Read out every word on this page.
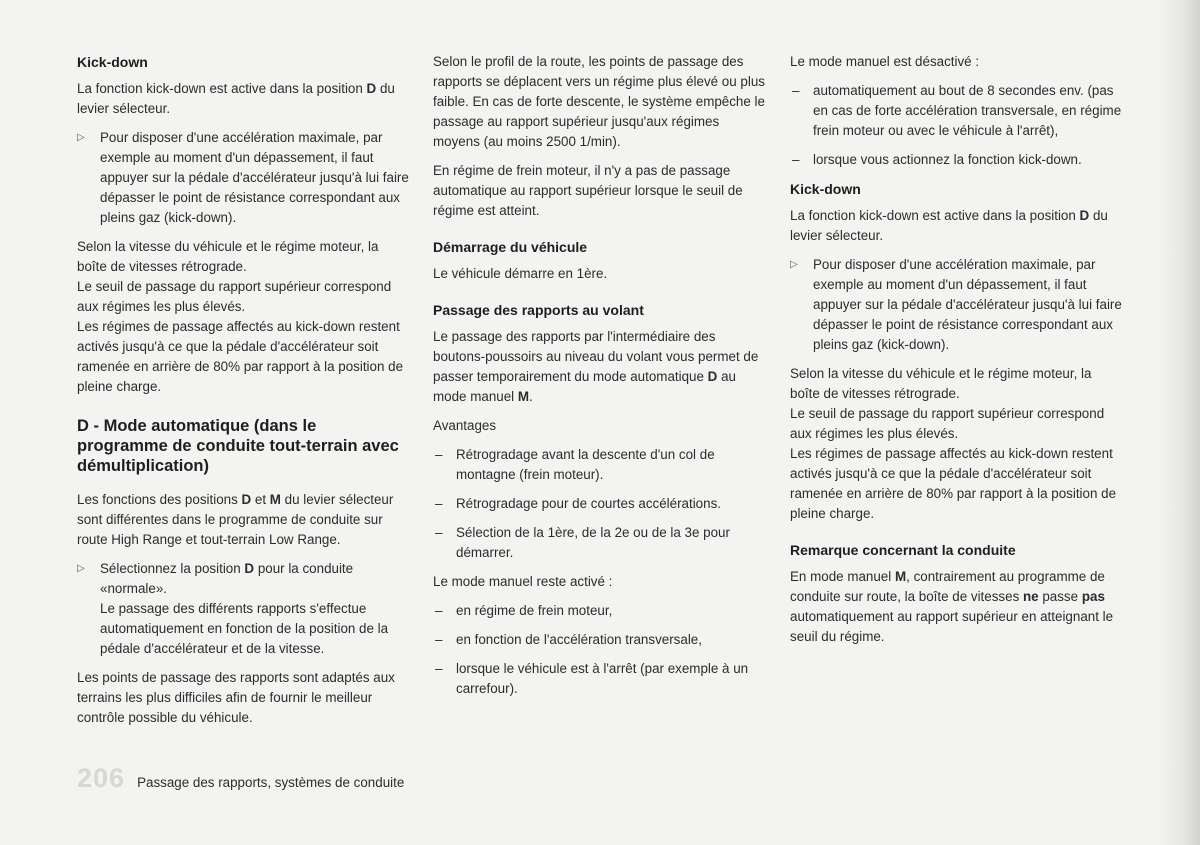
Kick-down

La fonction kick-down est active dans la position D du levier sélecteur.

▷ Pour disposer d'une accélération maximale, par exemple au moment d'un dépassement, il faut appuyer sur la pédale d'accélérateur jusqu'à lui faire dépasser le point de résistance correspondant aux pleins gaz (kick-down).

Selon la vitesse du véhicule et le régime moteur, la boîte de vitesses rétrograde.

Le seuil de passage du rapport supérieur correspond aux régimes les plus élevés.

Les régimes de passage affectés au kick-down restent activés jusqu'à ce que la pédale d'accélérateur soit ramenée en arrière de 80% par rapport à la position de pleine charge.

D - Mode automatique (dans le programme de conduite tout-terrain avec démultiplication)

Les fonctions des positions D et M du levier sélecteur sont différentes dans le programme de conduite sur route High Range et tout-terrain Low Range.

▷ Sélectionnez la position D pour la conduite «normale».
Le passage des différents rapports s'effectue automatiquement en fonction de la position de la pédale d'accélérateur et de la vitesse.

Les points de passage des rapports sont adaptés aux terrains les plus difficiles afin de fournir le meilleur contrôle possible du véhicule.

Selon le profil de la route, les points de passage des rapports se déplacent vers un régime plus élevé ou plus faible. En cas de forte descente, le système empêche le passage au rapport supérieur jusqu'aux régimes moyens (au moins 2500 1/min).

En régime de frein moteur, il n'y a pas de passage automatique au rapport supérieur lorsque le seuil de régime est atteint.

Démarrage du véhicule

Le véhicule démarre en 1ère.

Passage des rapports au volant

Le passage des rapports par l'intermédiaire des boutons-poussoirs au niveau du volant vous permet de passer temporairement du mode automatique D au mode manuel M.

Avantages

– Rétrogradage avant la descente d'un col de montagne (frein moteur).
– Rétrogradage pour de courtes accélérations.
– Sélection de la 1ère, de la 2e ou de la 3e pour démarrer.

Le mode manuel reste activé :

– en régime de frein moteur,
– en fonction de l'accélération transversale,
– lorsque le véhicule est à l'arrêt (par exemple à un carrefour).

Le mode manuel est désactivé :

– automatiquement au bout de 8 secondes env. (pas en cas de forte accélération transversale, en régime frein moteur ou avec le véhicule à l'arrêt),
– lorsque vous actionnez la fonction kick-down.
Kick-down

La fonction kick-down est active dans la position D du levier sélecteur.

▷ Pour disposer d'une accélération maximale, par exemple au moment d'un dépassement, il faut appuyer sur la pédale d'accélérateur jusqu'à lui faire dépasser le point de résistance correspondant aux pleins gaz (kick-down).

Selon la vitesse du véhicule et le régime moteur, la boîte de vitesses rétrograde.

Le seuil de passage du rapport supérieur correspond aux régimes les plus élevés.

Les régimes de passage affectés au kick-down restent activés jusqu'à ce que la pédale d'accélérateur soit ramenée en arrière de 80% par rapport à la position de pleine charge.

Remarque concernant la conduite

En mode manuel M, contrairement au programme de conduite sur route, la boîte de vitesses ne passe pas automatiquement au rapport supérieur en atteignant le seuil du régime.

206 Passage des rapports, systèmes de conduite
